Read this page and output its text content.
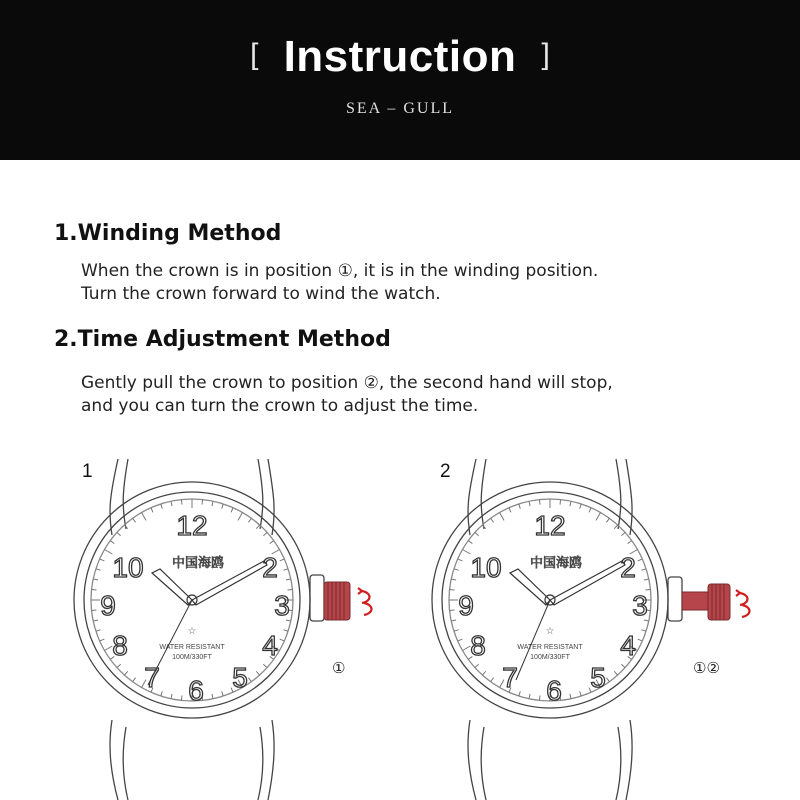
[ Instruction ]
SEA – GULL
1.Winding Method

When the crown is in position ①, it is in the winding position.
Turn the crown forward to wind the watch.

2.Time Adjustment Method

Gently pull the crown to position ②, the second hand will stop,
and you can turn the crown to adjust the time.

1	2
12
2
3
4
5
6
7
8
9
10 中国海鸥
☆
WATER RESISTANT
100M/330FT
①
12
2
3
4
5
6
7
8
9
10 中国海鸥
☆
WATER RESISTANT
100M/330FT
①②
